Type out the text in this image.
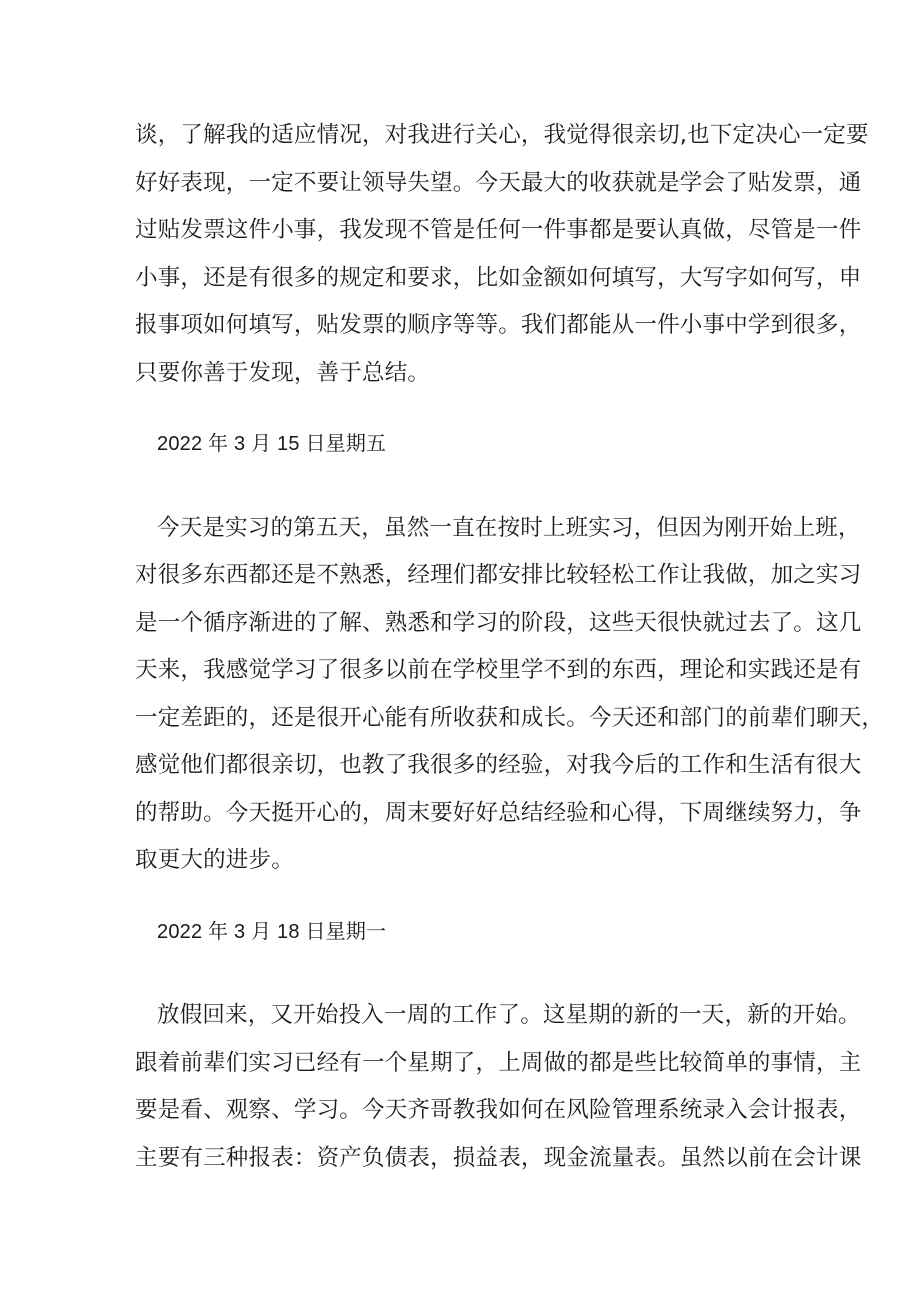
谈，了解我的适应情况，对我进行关心，我觉得很亲切,也下定决心一定要
好好表现，一定不要让领导失望。今天最大的收获就是学会了贴发票，通
过贴发票这件小事，我发现不管是任何一件事都是要认真做，尽管是一件
小事，还是有很多的规定和要求，比如金额如何填写，大写字如何写，申
报事项如何填写，贴发票的顺序等等。我们都能从一件小事中学到很多，
只要你善于发现，善于总结。
2022 年 3 月 15 日星期五
今天是实习的第五天，虽然一直在按时上班实习，但因为刚开始上班，
对很多东西都还是不熟悉，经理们都安排比较轻松工作让我做，加之实习
是一个循序渐进的了解、熟悉和学习的阶段，这些天很快就过去了。这几
天来，我感觉学习了很多以前在学校里学不到的东西，理论和实践还是有
一定差距的，还是很开心能有所收获和成长。今天还和部门的前辈们聊天，
感觉他们都很亲切，也教了我很多的经验，对我今后的工作和生活有很大
的帮助。今天挺开心的，周末要好好总结经验和心得，下周继续努力，争
取更大的进步。
2022 年 3 月 18 日星期一
放假回来，又开始投入一周的工作了。这星期的新的一天，新的开始。
跟着前辈们实习已经有一个星期了，上周做的都是些比较简单的事情，主
要是看、观察、学习。今天齐哥教我如何在风险管理系统录入会计报表，
主要有三种报表：资产负债表，损益表，现金流量表。虽然以前在会计课
